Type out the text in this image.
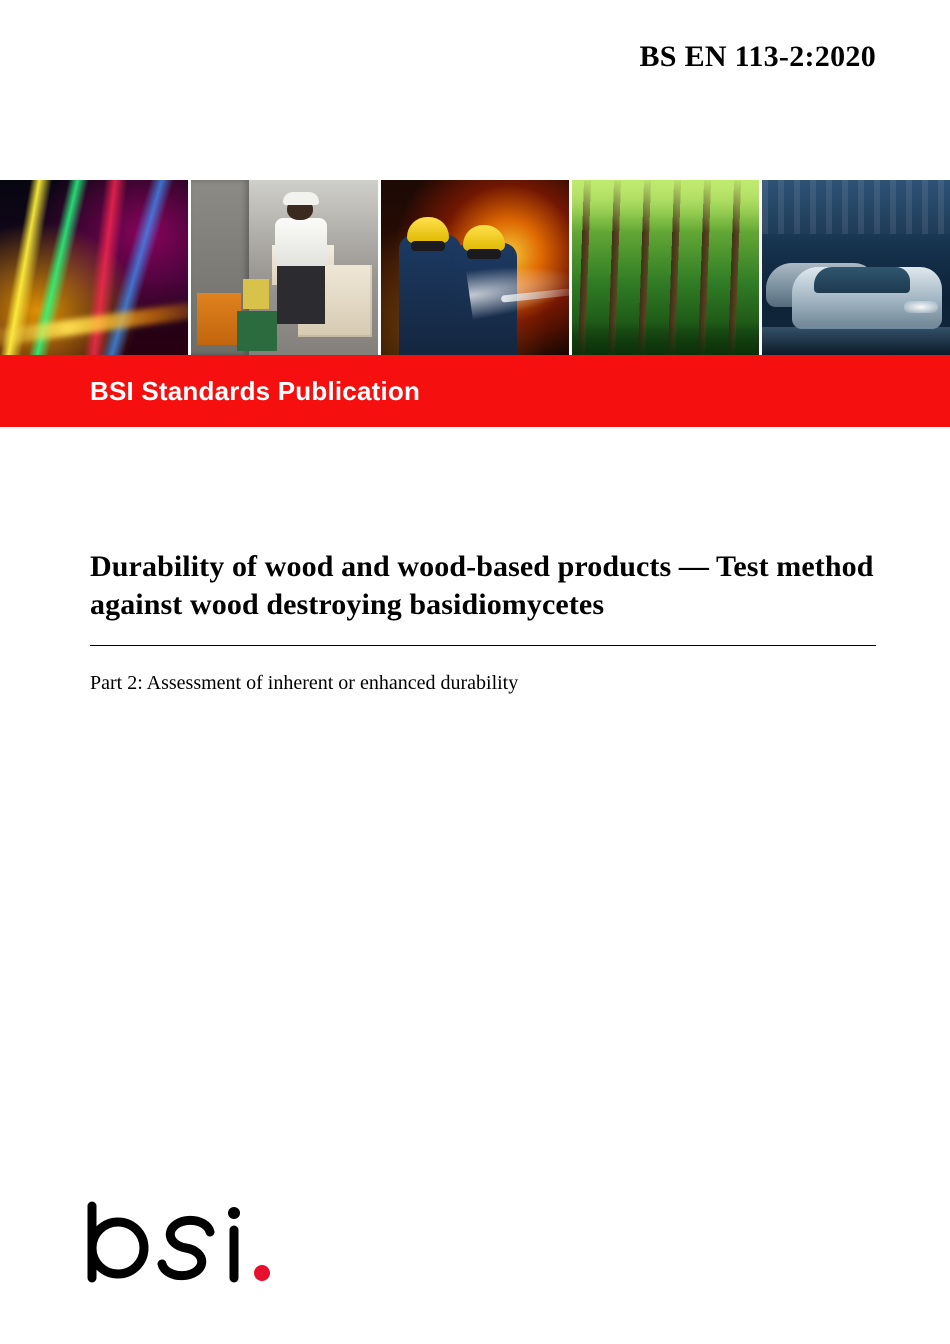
BS EN 113-2:2020
BSI Standards Publication
Durability of wood and wood-based products — Test method against wood destroying basidiomycetes
Part 2: Assessment of inherent or enhanced durability
